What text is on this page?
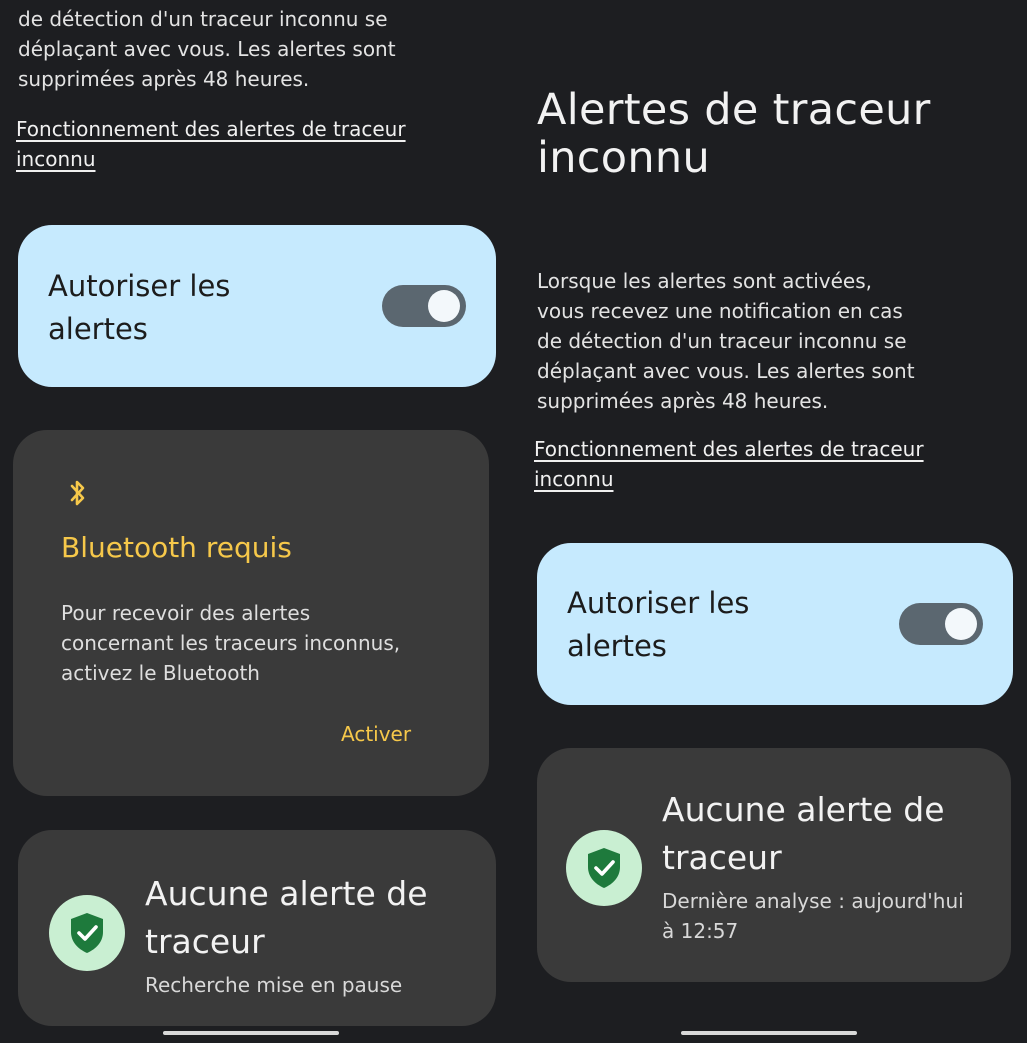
de détection d'un traceur inconnu se
déplaçant avec vous. Les alertes sont
supprimées après 48 heures.

Fonctionnement des alertes de traceur
inconnu

Autoriser les
alertes

Bluetooth requis

Pour recevoir des alertes
concernant les traceurs inconnus,
activez le Bluetooth

Activer

Aucune alerte de
traceur

Recherche mise en pause

Alertes de traceur
inconnu

Lorsque les alertes sont activées,
vous recevez une notification en cas
de détection d'un traceur inconnu se
déplaçant avec vous. Les alertes sont
supprimées après 48 heures.

Fonctionnement des alertes de traceur
inconnu

Autoriser les
alertes

Aucune alerte de
traceur

Dernière analyse : aujourd'hui
à 12:57
